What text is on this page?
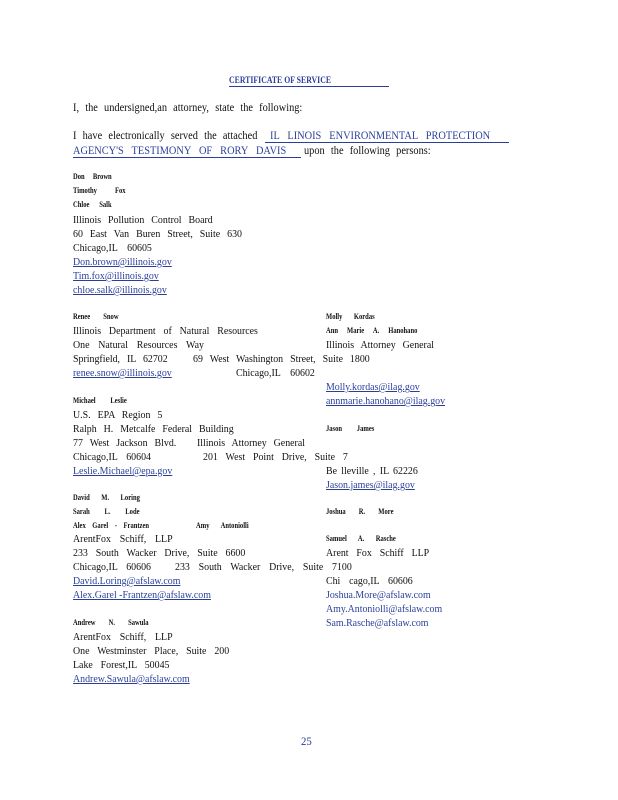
CERTIFICATE OF SERVICE
I, the undersigned,an attorney, state the following:
I have electronically served the attached IL LINOIS ENVIRONMENTAL PROTECTION
AGENCY'S TESTIMONY OF RORY DAVIS upon the following persons:
Don Brown
Timothy Fox
Chloe Salk
Illinois Pollution Control Board
60 East Van Buren Street, Suite 630
Chicago,IL 60605
Don.brown@illinois.gov
Tim.fox@illinois.gov
chloe.salk@illinois.gov
Renee Snow
Illinois Department of Natural Resources
One Natural Resources Way
Springfield, IL 62702
renee.snow@illinois.gov
Molly Kordas
Ann Marie A. Hanohano
Illinois Attorney General
69 West Washington Street, Suite 1800
Chicago,IL 60602
Molly.kordas@ilag.gov
annmarie.hanohano@ilag.gov
Michael Leslie
U.S. EPA Region 5
Ralph H. Metcalfe Federal Building
77 West Jackson Blvd.
Chicago,IL 60604
Leslie.Michael@epa.gov
Jason James
Illinois Attorney General
201 West Point Drive, Suite 7
Be lleville , IL 62226
Jason.james@ilag.gov
David M. Loring
Sarah L. Lode
Alex Garel - Frantzen	Amy Antoniolli
ArentFox Schiff, LLP
233 South Wacker Drive, Suite 6600
Chicago,IL 60606
David.Loring@afslaw.com
Alex.Garel -Frantzen@afslaw.com
Joshua R. More
Samuel A. Rasche
Arent Fox Schiff LLP
233 South Wacker Drive, Suite 7100
Chi cago,IL 60606
Joshua.More@afslaw.com
Amy.Antoniolli@afslaw.com
Sam.Rasche@afslaw.com
Andrew N. Sawula
ArentFox Schiff, LLP
One Westminster Place, Suite 200
Lake Forest,IL 50045
Andrew.Sawula@afslaw.com
25
